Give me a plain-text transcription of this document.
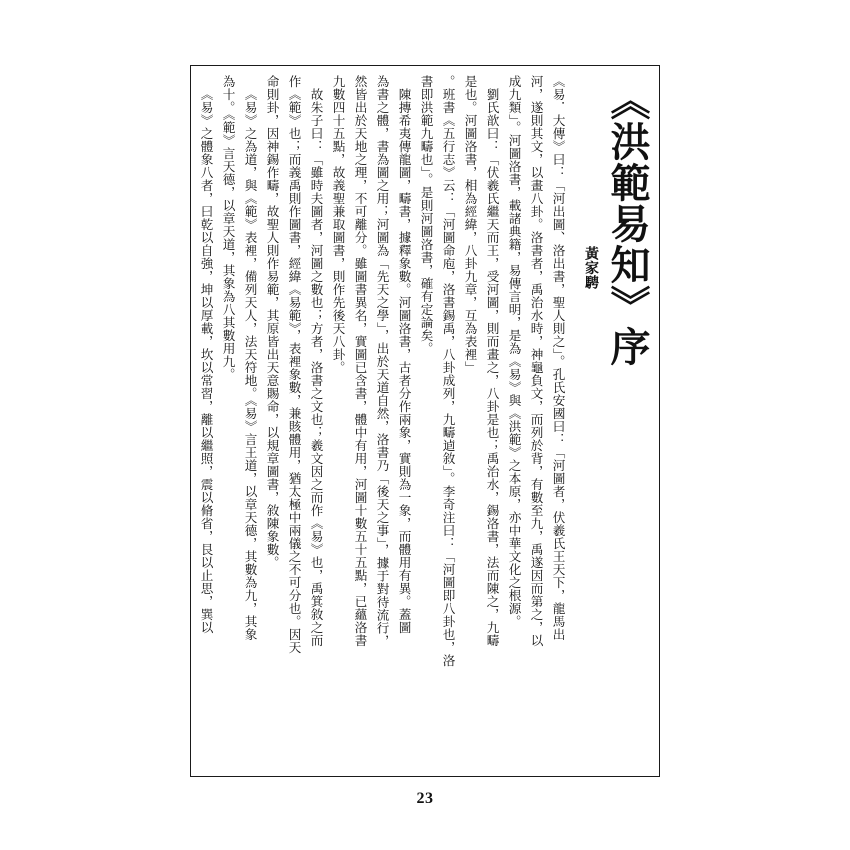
《洪範易知》序
黃家騁
《易．大傳》曰：「河出圖、洛出書，聖人則之」。孔氏安國曰：「河圖者，伏羲氏王天下，龍馬出
河，遂則其文，以畫八卦。洛書者，禹治水時，神龜負文，而列於背，有數至九，禹遂因而第之，以
成九類」。河圖洛書，載諸典籍，易傳言明，是為《易》與《洪範》之本原，亦中華文化之根源。
劉氏歆曰：「伏羲氏繼天而王，受河圖，則而畫之，八卦是也；禹治水，錫洛書，法而陳之，九疇
是也。河圖洛書，相為經緯，八卦九章，互為表裡」
。班書《五行志》云：「河圖命庖，洛書錫禹，八卦成列，九疇逌敘」。李奇注曰：「河圖即八卦也，洛
書即洪範九疇也」。是則河圖洛書，確有定論矣。
陳摶希夷傳龍圖，疇書，據釋象數。河圖洛書，古者分作兩象，實則為一象，而體用有異。蓋圖
為書之體，書為圖之用；河圖為「先天之學」，出於天道自然，洛書乃「後天之事」，據于對待流行，
然皆出於天地之理，不可離分。雖圖書異名，實圖已含書，體中有用，河圖十數五十五點，已蘊洛書
九數四十五點，故義聖兼取圖書，則作先後天八卦。
故朱子曰：「雖時夫圖者，河圖之數也；方者，洛書之文也；羲文因之而作《易》也，禹箕敘之而
作《範》也；而義禹則作圖書，經緯《易範》，表裡象數，兼賅體用，猶太極中兩儀之不可分也。因天
命則卦，因神錫作疇，故聖人則作易範，其原皆出天意賜命，以規章圖書，敘陳象數。
《易》之為道，與《範》表裡，備列天人，法天符地。《易》言王道，以章天德，其數為九，其象
為十。《範》言天德，以章天道，其象為八其數用九。
《易》之體象八者，曰乾以自強，坤以厚載，坎以常習，離以繼照，震以脩省，艮以止思，巽以
23
